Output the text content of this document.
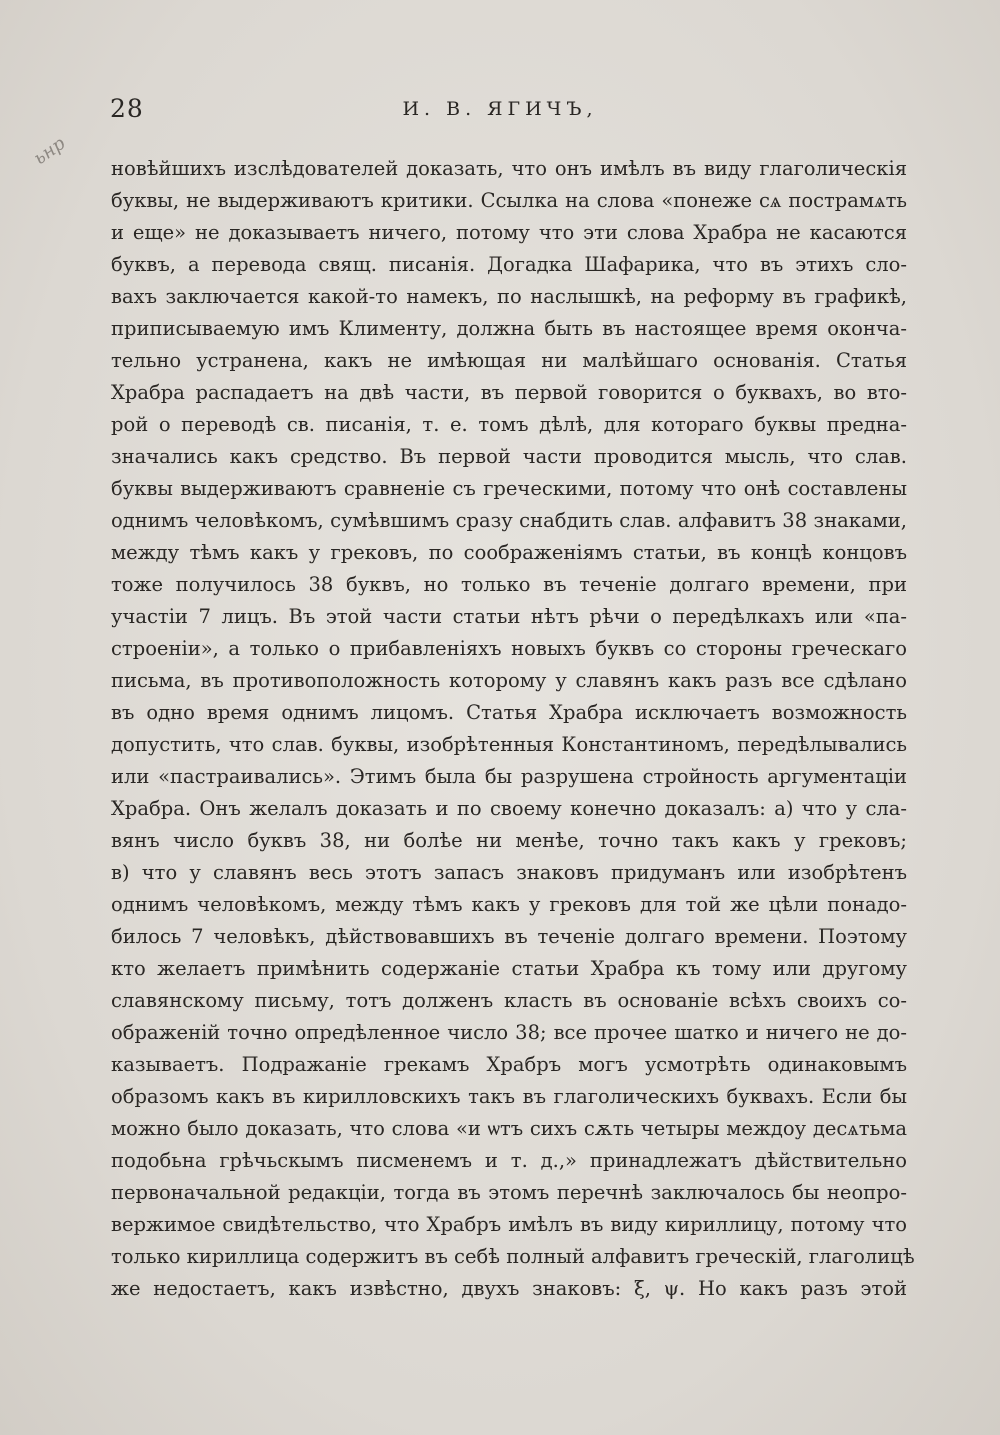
28	И. В. ЯГИЧЪ,
ьнр новѣйшихъ изслѣдователей доказать, что онъ имѣлъ въ виду глаголическія
буквы, не выдерживаютъ критики. Ссылка на слова «понеже сѧ пострамѧть
и еще» не доказываетъ ничего, потому что эти слова Храбра не касаются
буквъ, а перевода свящ. писанія. Догадка Шафарика, что въ этихъ сло-
вахъ заключается какой-то намекъ, по наслышкѣ, на реформу въ графикѣ,
приписываемую имъ Клименту, должна быть въ настоящее время оконча-
тельно устранена, какъ не имѣющая ни малѣйшаго основанія. Статья
Храбра распадаетъ на двѣ части, въ первой говорится о буквахъ, во вто-
рой о переводѣ св. писанія, т. е. томъ дѣлѣ, для котораго буквы предна-
значались какъ средство. Въ первой части проводится мысль, что слав.
буквы выдерживаютъ сравненіе съ греческими, потому что онѣ составлены
однимъ человѣкомъ, сумѣвшимъ сразу снабдить слав. алфавитъ 38 знаками,
между тѣмъ какъ у грековъ, по соображеніямъ статьи, въ концѣ концовъ
тоже получилось 38 буквъ, но только въ теченіе долгаго времени, при
участіи 7 лицъ. Въ этой части статьи нѣтъ рѣчи о передѣлкахъ или «па-
строеніи», а только о прибавленіяхъ новыхъ буквъ со стороны греческаго
письма, въ противоположность которому у славянъ какъ разъ все сдѣлано
въ одно время однимъ лицомъ. Статья Храбра исключаетъ возможность
допустить, что слав. буквы, изобрѣтенныя Константиномъ, передѣлывались
или «пастраивались». Этимъ была бы разрушена стройность аргументаціи
Храбра. Онъ желалъ доказать и по своему конечно доказалъ: а) что у сла-
вянъ число буквъ 38, ни болѣе ни менѣе, точно такъ какъ у грековъ;
в) что у славянъ весь этотъ запасъ знаковъ придуманъ или изобрѣтенъ
однимъ человѣкомъ, между тѣмъ какъ у грековъ для той же цѣли понадо-
билось 7 человѣкъ, дѣйствовавшихъ въ теченіе долгаго времени. Поэтому
кто желаетъ примѣнить содержаніе статьи Храбра къ тому или другому
славянскому письму, тотъ долженъ класть въ основаніе всѣхъ своихъ со-
ображеній точно опредѣленное число 38; все прочее шатко и ничего не до-
казываетъ. Подражаніе грекамъ Храбръ могъ усмотрѣть одинаковымъ
образомъ какъ въ кирилловскихъ такъ въ глаголическихъ буквахъ. Если бы
можно было доказать, что слова «и ѡтъ сихъ сѫть четыры междоу десѧтьма
подобьна грѣчьскымъ писменемъ и т. д.,» принадлежатъ дѣйствительно
первоначальной редакціи, тогда въ этомъ перечнѣ заключалось бы неопро-
вержимое свидѣтельство, что Храбръ имѣлъ въ виду кириллицу, потому что
только кириллица содержитъ въ себѣ полный алфавитъ греческій, глаголицѣ
же недостаетъ, какъ извѣстно, двухъ знаковъ: ξ, ψ. Но какъ разъ этой
